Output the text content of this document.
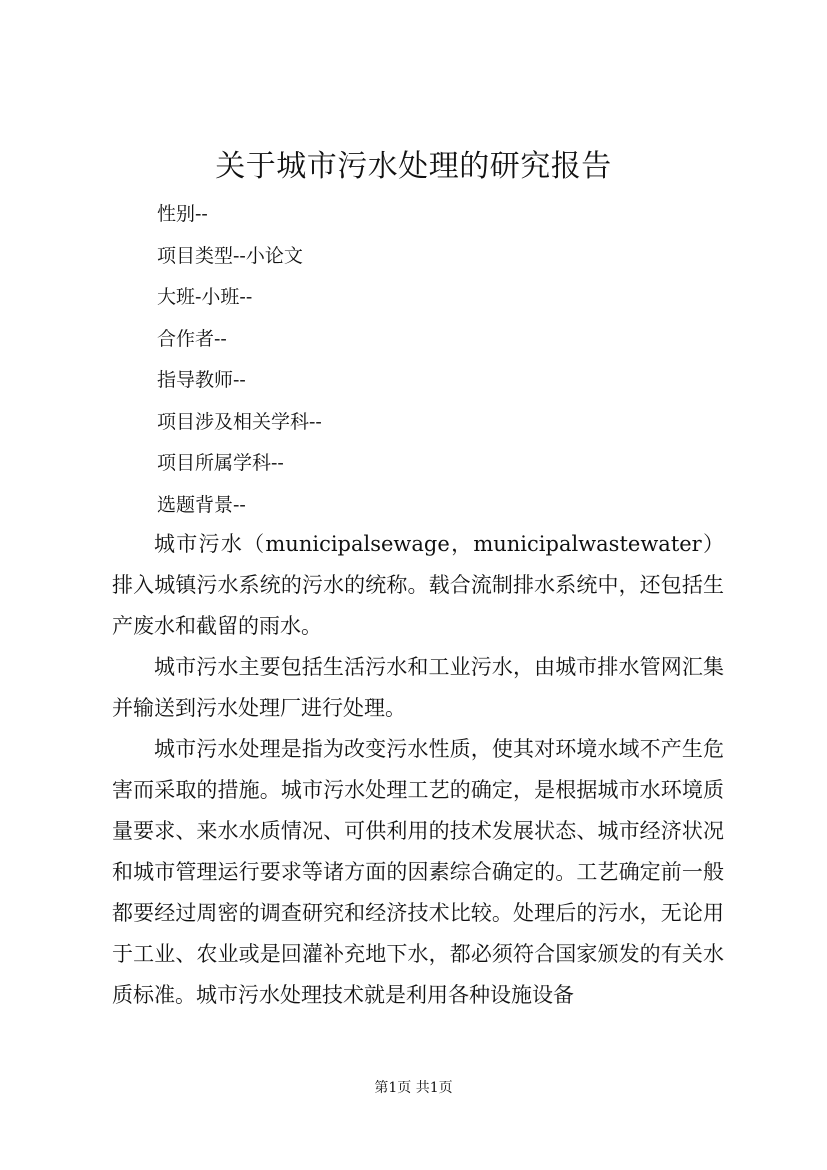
关于城市污水处理的研究报告
性别--
项目类型--小论文
大班-小班--
合作者--
指导教师--
项目涉及相关学科--
项目所属学科--
选题背景--

城市污水（municipalsewage，municipalwastewater）排入城镇污水系统的污水的统称。载合流制排水系统中，还包括生产废水和截留的雨水。

城市污水主要包括生活污水和工业污水，由城市排水管网汇集并输送到污水处理厂进行处理。

城市污水处理是指为改变污水性质，使其对环境水域不产生危害而采取的措施。城市污水处理工艺的确定，是根据城市水环境质量要求、来水水质情况、可供利用的技术发展状态、城市经济状况和城市管理运行要求等诸方面的因素综合确定的。工艺确定前一般都要经过周密的调查研究和经济技术比较。处理后的污水，无论用于工业、农业或是回灌补充地下水，都必须符合国家颁发的有关水质标准。城市污水处理技术就是利用各种设施设备

第1页 共1页
